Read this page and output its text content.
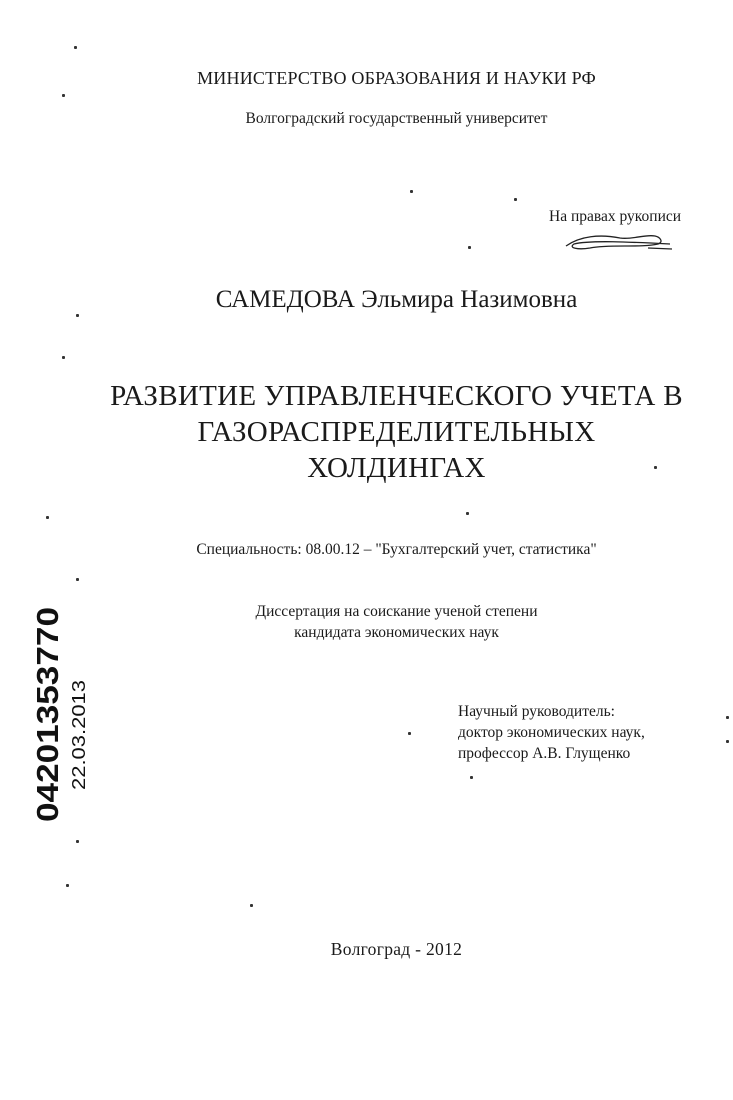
МИНИСТЕРСТВО ОБРАЗОВАНИЯ И НАУКИ РФ
Волгоградский государственный университет
На правах рукописи
САМЕДОВА Эльмира Назимовна
РАЗВИТИЕ УПРАВЛЕНЧЕСКОГО УЧЕТА В
ГАЗОРАСПРЕДЕЛИТЕЛЬНЫХ
ХОЛДИНГАХ
Специальность: 08.00.12 – "Бухгалтерский учет, статистика"
Диссертация на соискание ученой степени
кандидата экономических наук
Научный руководитель:
доктор экономических наук,
профессор А.В. Глущенко
Волгоград - 2012
04201353770 22.03.2013
